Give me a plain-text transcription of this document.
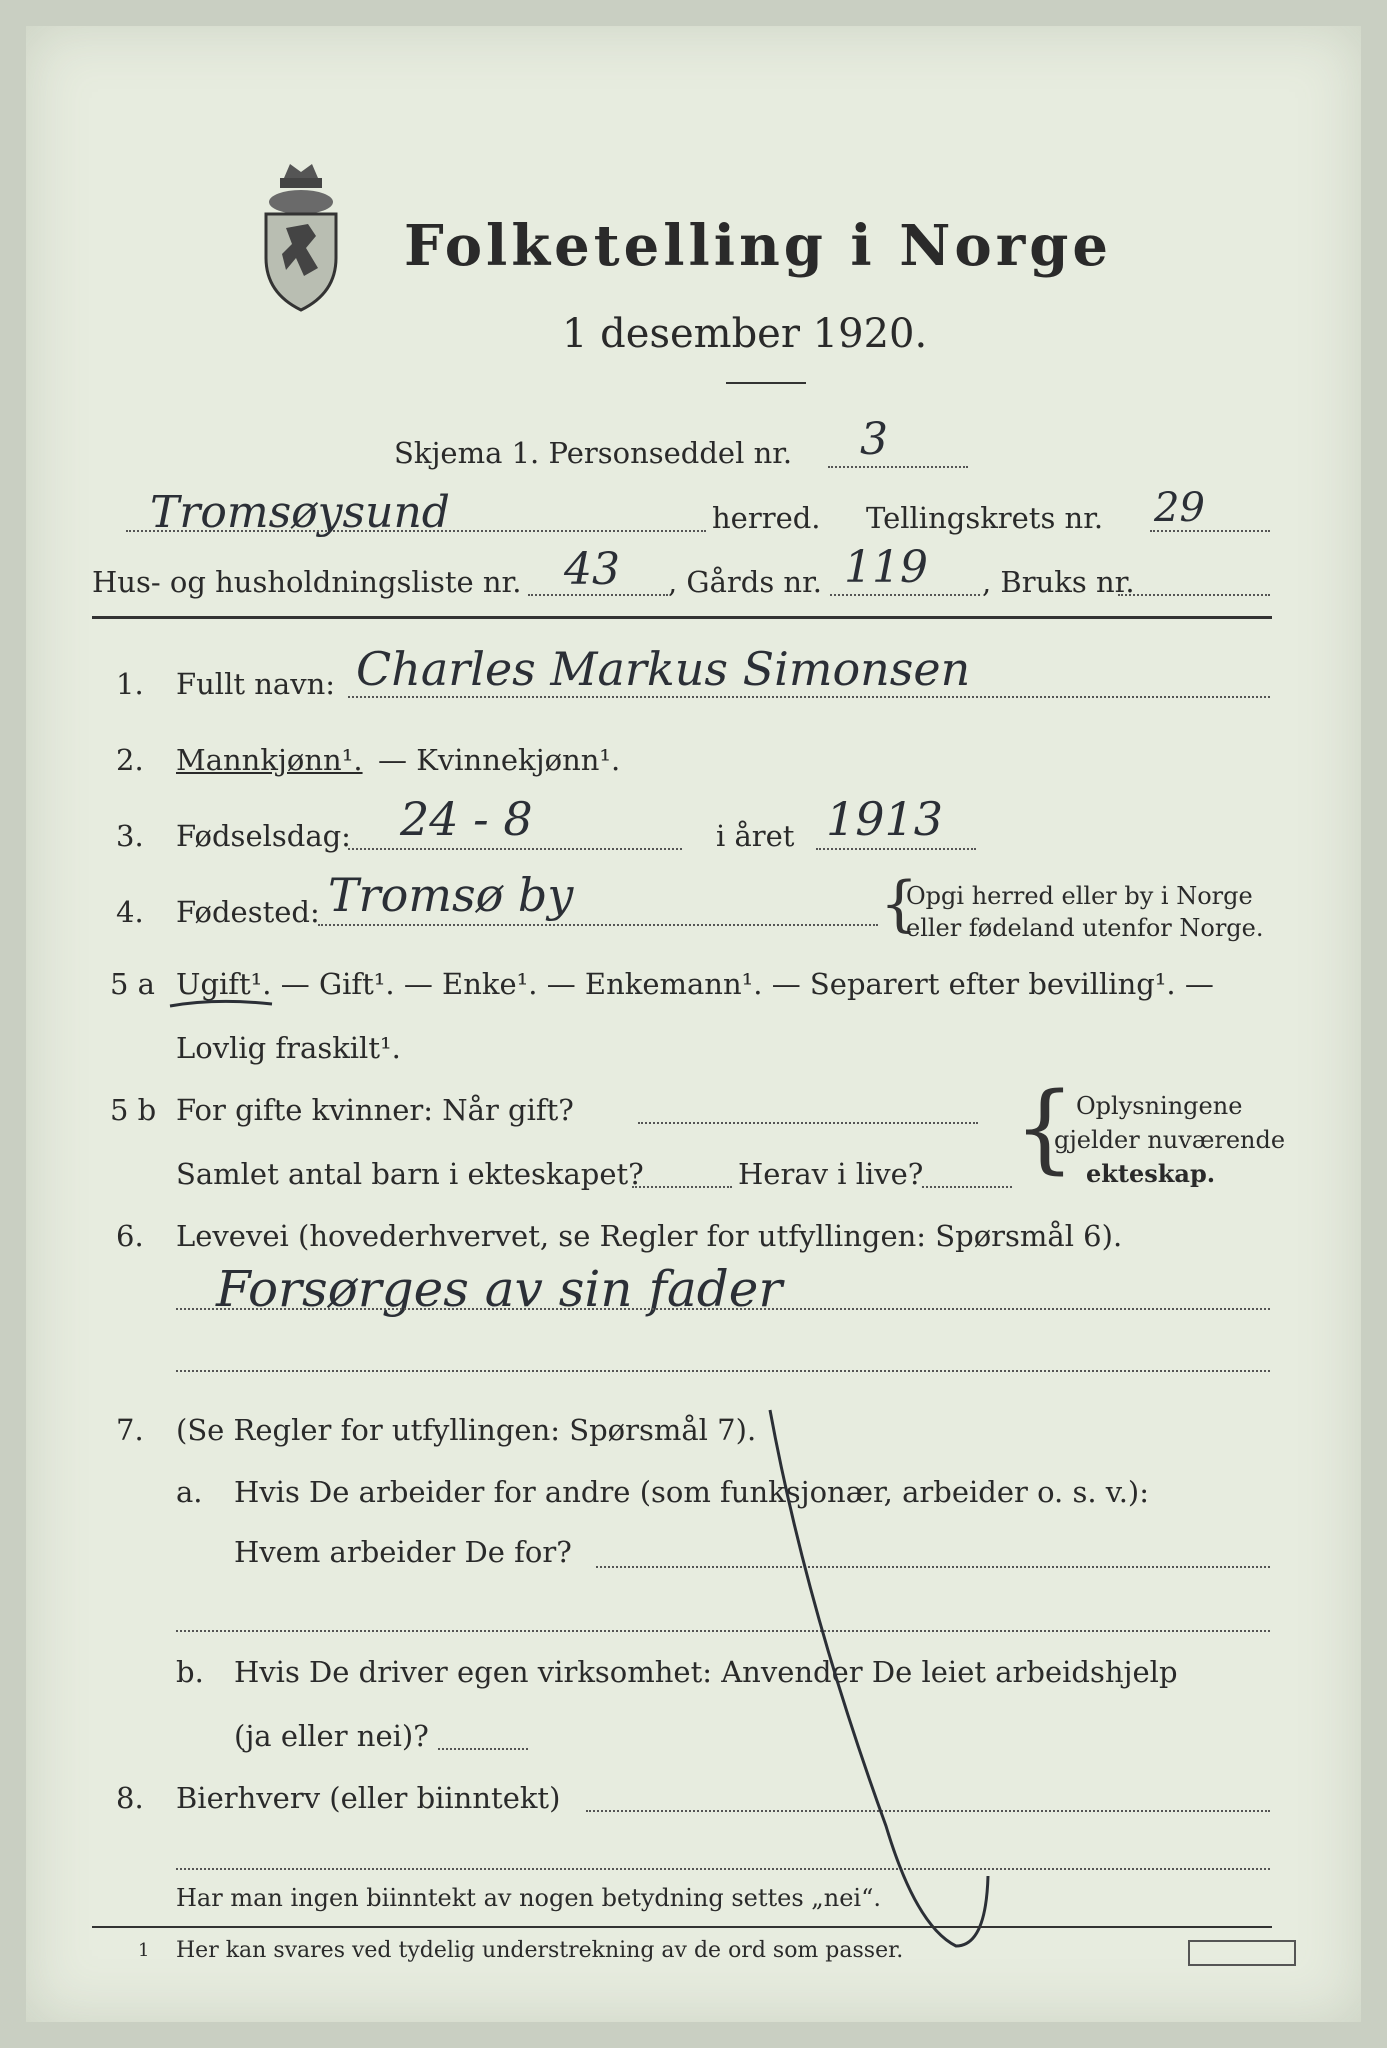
Folketelling i Norge
1 desember 1920.
Skjema 1. Personseddel nr. 3
Tromsøysund	herred. Tellingskrets nr. 29
Hus- og husholdningsliste nr. 43 , Gårds nr. 119 , Bruks nr.
1. Fullt navn: Charles Markus Simonsen
2. Mannkjønn¹. — Kvinnekjønn¹.
3. Fødselsdag: 24 - 8	i året 1913
4. Fødested: Tromsø by	{
Opgi herred eller by i Norge
eller fødeland utenfor Norge.
5 a Ugift¹. — Gift¹. — Enke¹. — Enkemann¹. — Separert efter bevilling¹. —
Lovlig fraskilt¹.
5 b For gifte kvinner: Når gift?
Samlet antal barn i ekteskapet?	Herav i live? { Oplysningene
gjelder nuværende
ekteskap.
6. Levevei (hovederhvervet, se Regler for utfyllingen: Spørsmål 6).
Forsørges av sin fader
7. (Se Regler for utfyllingen: Spørsmål 7).
a. Hvis De arbeider for andre (som funksjonær, arbeider o. s. v.):
Hvem arbeider De for?
b. Hvis De driver egen virksomhet: Anvender De leiet arbeidshjelp
(ja eller nei)?
8. Bierhverv (eller biinntekt)
Har man ingen biinntekt av nogen betydning settes „nei“.
1 Her kan svares ved tydelig understrekning av de ord som passer.
